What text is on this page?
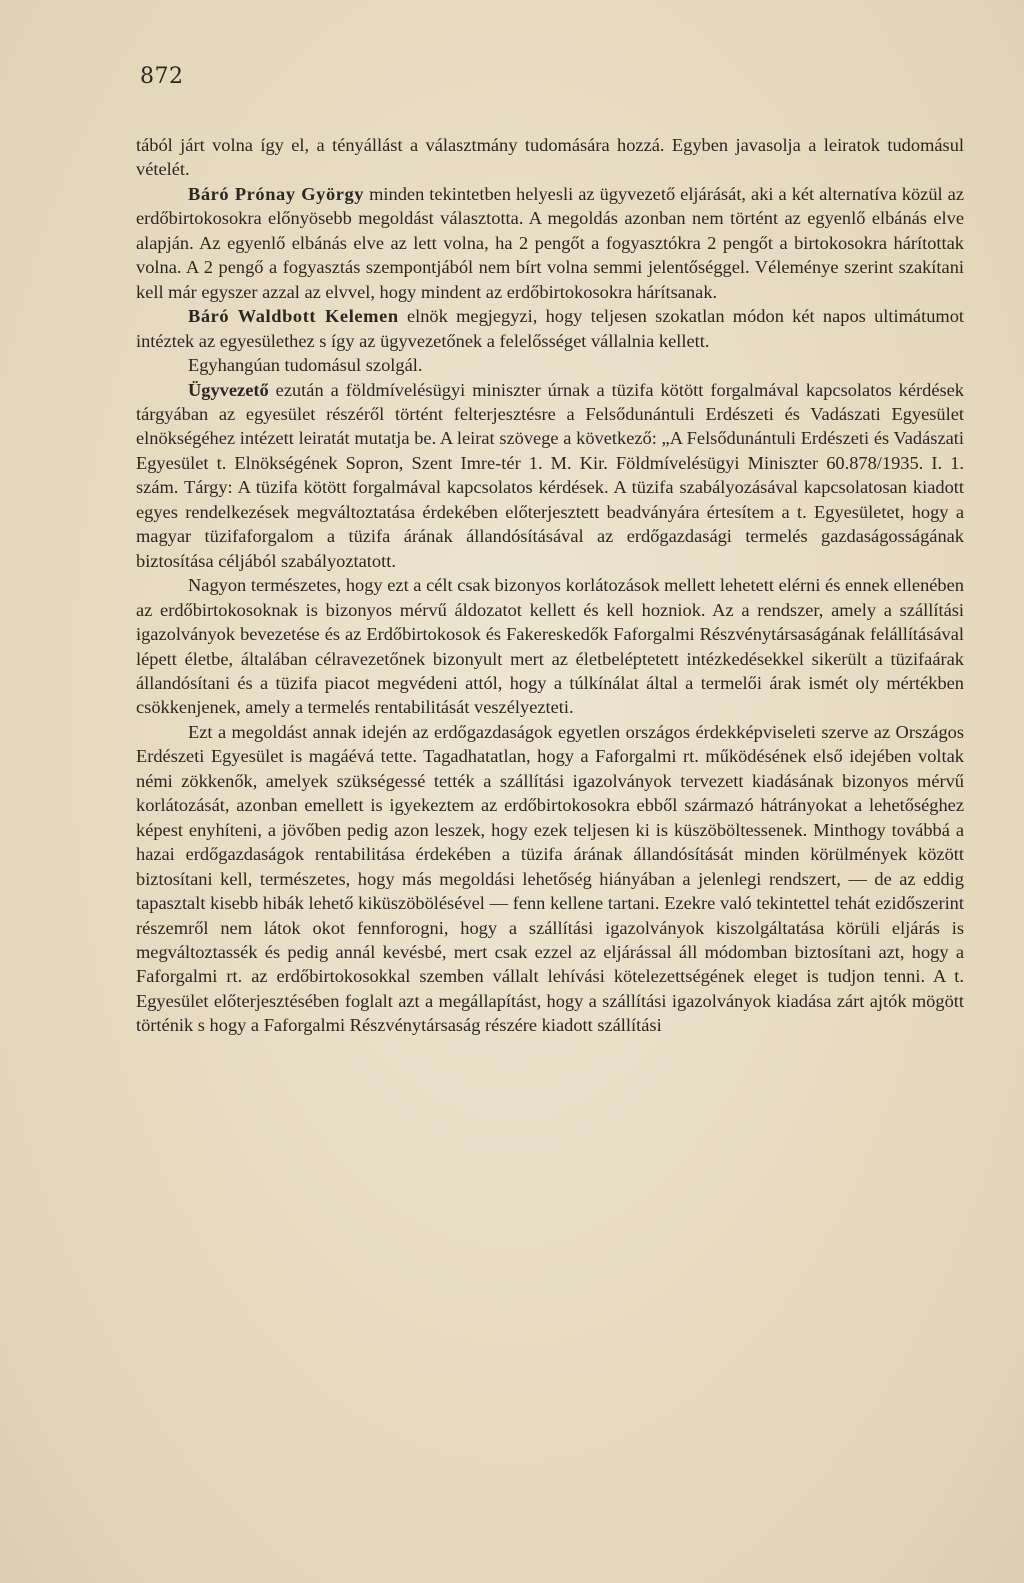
872

tából járt volna így el, a tényállást a választmány tudomására hozzá. Egyben javasolja a leiratok tudomásul vételét.

Báró Prónay György minden tekintetben helyesli az ügyvezető eljárását, aki a két alternatíva közül az erdőbirtokosokra előnyösebb megoldást választotta. A megoldás azonban nem történt az egyenlő elbánás elve alapján. Az egyenlő elbánás elve az lett volna, ha 2 pengőt a fogyasztókra 2 pengőt a birtokosokra hárítottak volna. A 2 pengő a fogyasztás szempontjából nem bírt volna semmi jelentőséggel. Véleménye szerint szakítani kell már egyszer azzal az elvvel, hogy mindent az erdőbirtokosokra hárítsanak.

Báró Waldbott Kelemen elnök megjegyzi, hogy teljesen szokatlan módon két napos ultimátumot intéztek az egyesülethez s így az ügyvezetőnek a felelősséget vállalnia kellett.

Egyhangúan tudomásul szolgál.

Ügyvezető ezután a földmívelésügyi miniszter úrnak a tüzifa kötött forgalmával kapcsolatos kérdések tárgyában az egyesület részéről történt felterjesztésre a Felsődunántuli Erdészeti és Vadászati Egyesület elnökségéhez intézett leiratát mutatja be. A leirat szövege a következő: „A Felsődunántuli Erdészeti és Vadászati Egyesület t. Elnökségének Sopron, Szent Imre-tér 1. M. Kir. Földmívelésügyi Miniszter 60.878/1935. I. 1. szám. Tárgy: A tüzifa kötött forgalmával kapcsolatos kérdések. A tüzifa szabályozásával kapcsolatosan kiadott egyes rendelkezések megváltoztatása érdekében előterjesztett beadványára értesítem a t. Egyesületet, hogy a magyar tüzifaforgalom a tüzifa árának állandósításával az erdőgazdasági termelés gazdaságosságának biztosítása céljából szabályoztatott.

Nagyon természetes, hogy ezt a célt csak bizonyos korlátozások mellett lehetett elérni és ennek ellenében az erdőbirtokosoknak is bizonyos mérvű áldozatot kellett és kell hozniok. Az a rendszer, amely a szállítási igazolványok bevezetése és az Erdőbirtokosok és Fakereskedők Faforgalmi Részvénytársaságának felállításával lépett életbe, általában célravezetőnek bizonyult mert az életbeléptetett intézkedésekkel sikerült a tüzifaárak állandósítani és a tüzifa piacot megvédeni attól, hogy a túlkínálat által a termelői árak ismét oly mértékben csökkenjenek, amely a termelés rentabilitását veszélyezteti.

Ezt a megoldást annak idején az erdőgazdaságok egyetlen országos érdekképviseleti szerve az Országos Erdészeti Egyesület is magáévá tette. Tagadhatatlan, hogy a Faforgalmi rt. működésének első idejében voltak némi zökkenők, amelyek szükségessé tették a szállítási igazolványok tervezett kiadásának bizonyos mérvű korlátozását, azonban emellett is igyekeztem az erdőbirtokosokra ebből származó hátrányokat a lehetőséghez képest enyhíteni, a jövőben pedig azon leszek, hogy ezek teljesen ki is küszöböltessenek. Minthogy továbbá a hazai erdőgazdaságok rentabilitása érdekében a tüzifa árának állandósítását minden körülmények között biztosítani kell, természetes, hogy más megoldási lehetőség hiányában a jelenlegi rendszert, — de az eddig tapasztalt kisebb hibák lehető kiküszöbölésével — fenn kellene tartani. Ezekre való tekintettel tehát ezidőszerint részemről nem látok okot fennforogni, hogy a szállítási igazolványok kiszolgáltatása körüli eljárás is megváltoztassék és pedig annál kevésbé, mert csak ezzel az eljárással áll módomban biztosítani azt, hogy a Faforgalmi rt. az erdőbirtokosokkal szemben vállalt lehívási kötelezettségének eleget is tudjon tenni. A t. Egyesület előterjesztésében foglalt azt a megállapítást, hogy a szállítási igazolványok kiadása zárt ajtók mögött történik s hogy a Faforgalmi Részvénytársaság részére kiadott szállítási
